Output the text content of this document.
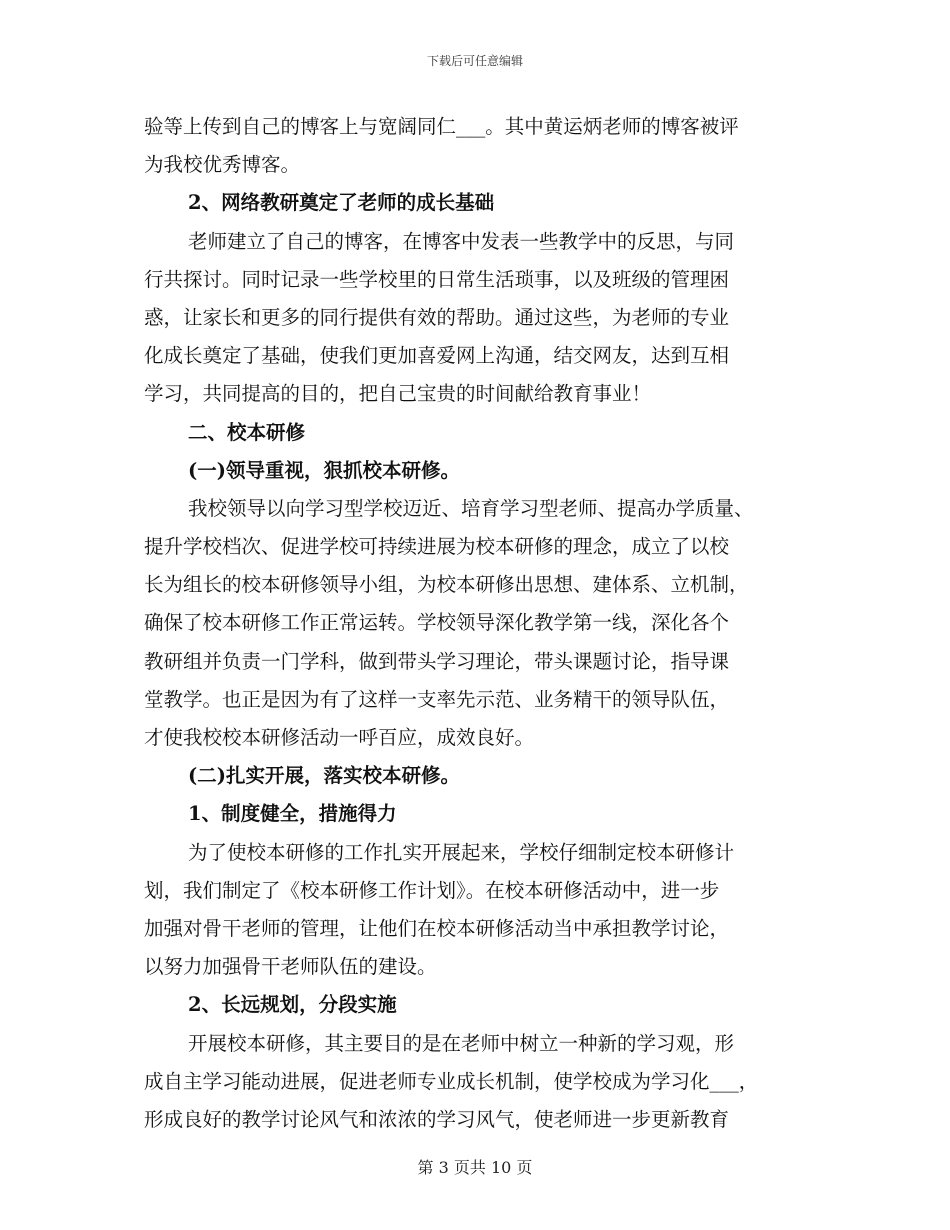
下载后可任意编辑
验等上传到自己的博客上与宽阔同仁___。其中黄运炳老师的博客被评
为我校优秀博客。
2、网络教研奠定了老师的成长基础
老师建立了自己的博客，在博客中发表一些教学中的反思，与同
行共探讨。同时记录一些学校里的日常生活琐事，以及班级的管理困
惑，让家长和更多的同行提供有效的帮助。通过这些，为老师的专业
化成长奠定了基础，使我们更加喜爱网上沟通，结交网友，达到互相
学习，共同提高的目的，把自己宝贵的时间献给教育事业！
二、校本研修
(一)领导重视，狠抓校本研修。
我校领导以向学习型学校迈近、培育学习型老师、提高办学质量、
提升学校档次、促进学校可持续进展为校本研修的理念，成立了以校
长为组长的校本研修领导小组，为校本研修出思想、建体系、立机制，
确保了校本研修工作正常运转。学校领导深化教学第一线，深化各个
教研组并负责一门学科，做到带头学习理论，带头课题讨论，指导课
堂教学。也正是因为有了这样一支率先示范、业务精干的领导队伍，
才使我校校本研修活动一呼百应，成效良好。
(二)扎实开展，落实校本研修。
1、制度健全，措施得力
为了使校本研修的工作扎实开展起来，学校仔细制定校本研修计
划，我们制定了《校本研修工作计划》。在校本研修活动中，进一步
加强对骨干老师的管理，让他们在校本研修活动当中承担教学讨论，
以努力加强骨干老师队伍的建设。
2、长远规划，分段实施
开展校本研修，其主要目的是在老师中树立一种新的学习观，形
成自主学习能动进展，促进老师专业成长机制，使学校成为学习化___，
形成良好的教学讨论风气和浓浓的学习风气，使老师进一步更新教育
第 3 页共 10 页
